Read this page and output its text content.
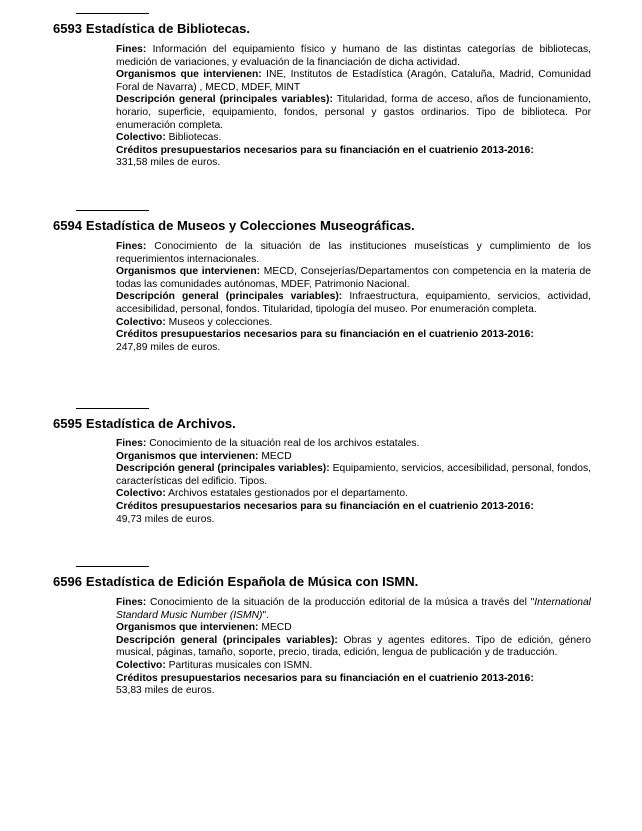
6593 Estadística de Bibliotecas.

Fines: Información del equipamiento físico y humano de las distintas categorías de bibliotecas, medición de variaciones, y evaluación de la financiación de dicha actividad.

Organismos que intervienen: INE, Institutos de Estadística (Aragón, Cataluña, Madrid, Comunidad Foral de Navarra) , MECD, MDEF, MINT

Descripción general (principales variables): Titularidad, forma de acceso, años de funcionamiento, horario, superficie, equipamiento, fondos, personal y gastos ordinarios. Tipo de biblioteca. Por enumeración completa.

Colectivo: Bibliotecas.

Créditos presupuestarios necesarios para su financiación en el cuatrienio 2013-2016:

331,58 miles de euros.

6594 Estadística de Museos y Colecciones Museográficas.

Fines: Conocimiento de la situación de las instituciones museísticas y cumplimiento de los requerimientos internacionales.

Organismos que intervienen: MECD, Consejerías/Departamentos con competencia en la materia de todas las comunidades autónomas, MDEF, Patrimonio Nacional.

Descripción general (principales variables): Infraestructura, equipamiento, servicios, actividad, accesibilidad, personal, fondos. Titularidad, tipología del museo. Por enumeración completa.

Colectivo: Museos y colecciones.

Créditos presupuestarios necesarios para su financiación en el cuatrienio 2013-2016:

247,89 miles de euros.

6595 Estadística de Archivos.

Fines: Conocimiento de la situación real de los archivos estatales.

Organismos que intervienen: MECD

Descripción general (principales variables): Equipamiento, servicios, accesibilidad, personal, fondos, características del edificio. Tipos.

Colectivo: Archivos estatales gestionados por el departamento.

Créditos presupuestarios necesarios para su financiación en el cuatrienio 2013-2016:

49,73 miles de euros.

6596 Estadística de Edición Española de Música con ISMN.

Fines: Conocimiento de la situación de la producción editorial de la música a través del "International Standard Music Number (ISMN)".

Organismos que intervienen: MECD

Descripción general (principales variables): Obras y agentes editores. Tipo de edición, género musical, páginas, tamaño, soporte, precio, tirada, edición, lengua de publicación y de traducción.

Colectivo: Partituras musicales con ISMN.

Créditos presupuestarios necesarios para su financiación en el cuatrienio 2013-2016:

53,83 miles de euros.
